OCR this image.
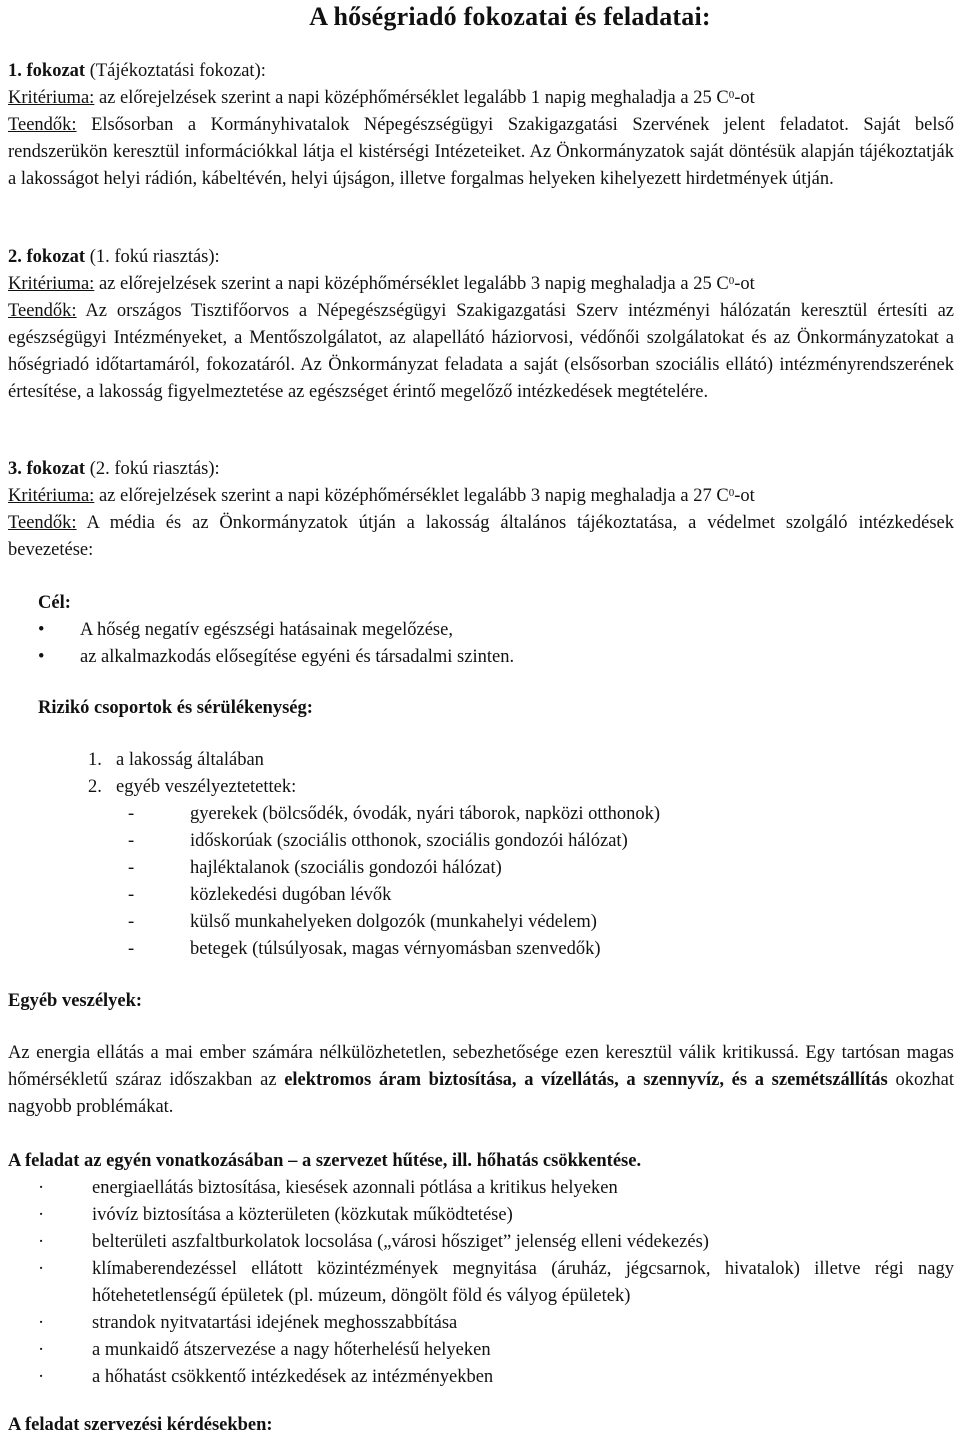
A hőségriadó fokozatai és feladatai:
1. fokozat (Tájékoztatási fokozat):
Kritériuma: az előrejelzések szerint a napi középhőmérséklet legalább 1 napig meghaladja a 25 $C^0-ot$
Teendők: Elsősorban a Kormányhivatalok Népegészségügyi Szakigazgatási Szervének jelent feladatot. Saját belső rendszerükön keresztül információkkal látja el kistérségi Intézeteiket. Az Önkormányzatok saját döntésük alapján tájékoztatják a lakosságot helyi rádión, kábeltévén, helyi újságon, illetve forgalmas helyeken kihelyezett hirdetmények útján.
2. fokozat (1. fokú riasztás):
Kritériuma: az előrejelzések szerint a napi középhőmérséklet legalább 3 napig meghaladja a 25 $C^0-ot$
Teendők: Az országos Tisztifőorvos a Népegészségügyi Szakigazgatási Szerv intézményi hálózatán keresztül értesíti az egészségügyi Intézményeket, a Mentőszolgálatot, az alapellátó háziorvosi, védőnői szolgálatokat és az Önkormányzatokat a hőségriadó időtartamáról, fokozatáról. Az Önkormányzat feladata a saját (elsősorban szociális ellátó) intézményrendszerének értesítése, a lakosság figyelmeztetése az egészséget érintő megelőző intézkedések megtételére.
3. fokozat (2. fokú riasztás):
Kritériuma: az előrejelzések szerint a napi középhőmérséklet legalább 3 napig meghaladja a 27 $C^0-ot$
Teendők: A média és az Önkormányzatok útján a lakosság általános tájékoztatása, a védelmet szolgáló intézkedések bevezetése:
Cél:
• A hőség negatív egészségi hatásainak megelőzése,
• az alkalmazkodás elősegítése egyéni és társadalmi szinten.
Rizikó csoportok és sérülékenység:
1. a lakosság általában
2. egyéb veszélyeztetettek:
-	gyerekek (bölcsődék, óvodák, nyári táborok, napközi otthonok)
-	időskorúak (szociális otthonok, szociális gondozói hálózat)
-	hajléktalanok (szociális gondozói hálózat)
-	közlekedési dugóban lévők
-	külső munkahelyeken dolgozók (munkahelyi védelem)
-	betegek (túlsúlyosak, magas vérnyomásban szenvedők)
Egyéb veszélyek:
Az energia ellátás a mai ember számára nélkülözhetetlen, sebezhetősége ezen keresztül válik kritikussá. Egy tartósan magas hőmérsékletű száraz időszakban az elektromos áram biztosítása, a vízellátás, a szennyvíz, és a szemétszállítás okozhat nagyobb problémákat.
A feladat az egyén vonatkozásában – a szervezet hűtése, ill. hőhatás csökkentése.
·	energiaellátás biztosítása, kiesések azonnali pótlása a kritikus helyeken
·	ivóvíz biztosítása a közterületen (közkutak működtetése)
·	belterületi aszfaltburkolatok locsolása („városi hősziget” jelenség elleni védekezés)
·	klímaberendezéssel ellátott közintézmények megnyitása (áruház, jégcsarnok, hivatalok) illetve régi nagy hőtehetetlenségű épületek (pl. múzeum, döngölt föld és vályog épületek)
·	strandok nyitvatartási idejének meghosszabbítása
·	a munkaidő átszervezése a nagy hőterhelésű helyeken
·	a hőhatást csökkentő intézkedések az intézményekben
A feladat szervezési kérdésekben:
